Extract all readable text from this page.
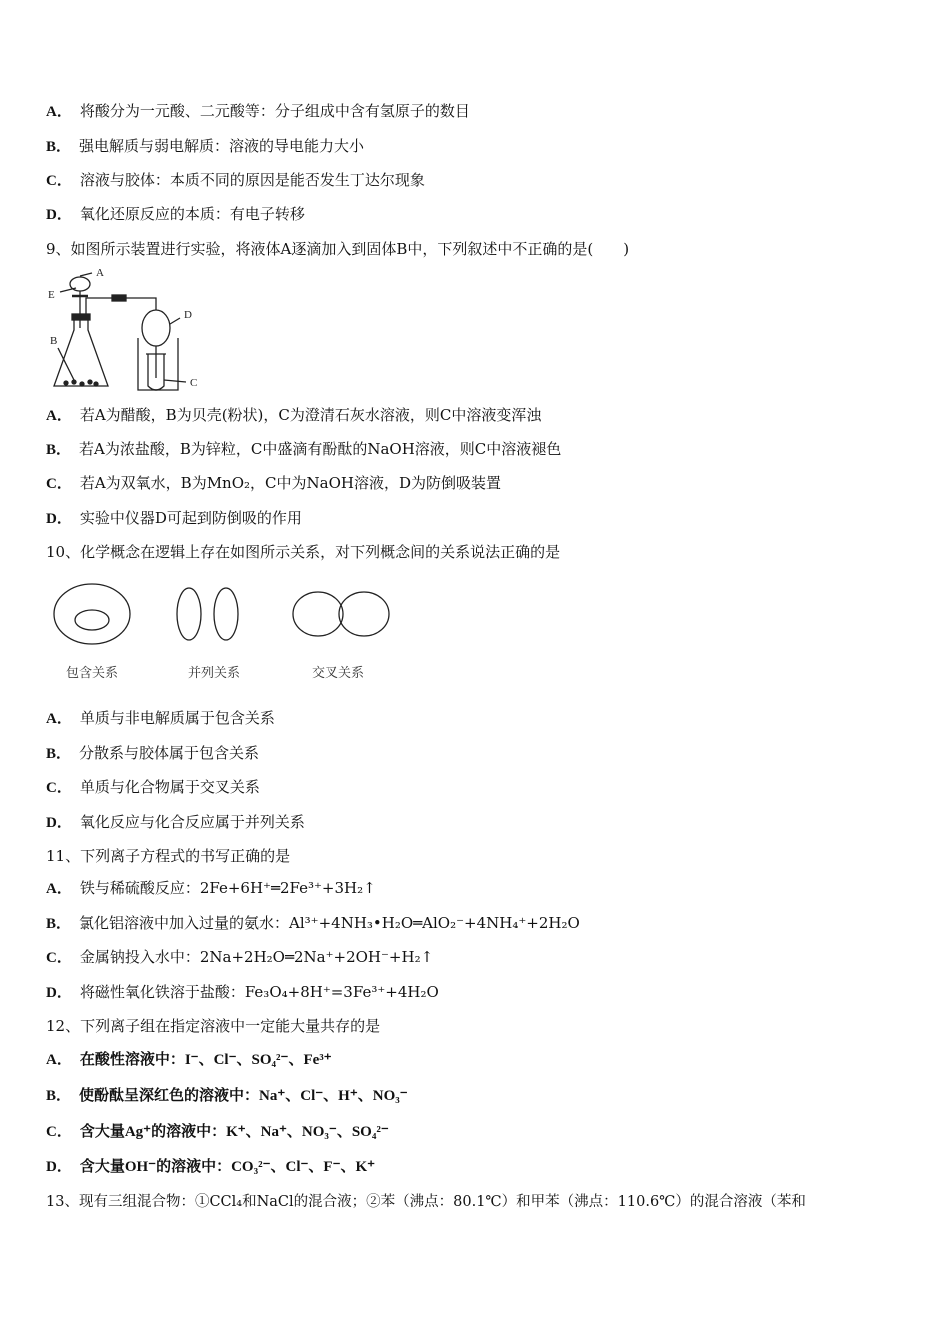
A． 将酸分为一元酸、二元酸等：分子组成中含有氢原子的数目
B． 强电解质与弱电解质：溶液的导电能力大小
C． 溶液与胶体：本质不同的原因是能否发生丁达尔现象
D． 氧化还原反应的本质：有电子转移
9、如图所示装置进行实验，将液体A逐滴加入到固体B中，下列叙述中不正确的是(　　)
A
B
C
D
E
A． 若A为醋酸，B为贝壳(粉状)，C为澄清石灰水溶液，则C中溶液变浑浊
B． 若A为浓盐酸，B为锌粒，C中盛滴有酚酞的NaOH溶液，则C中溶液褪色
C． 若A为双氧水，B为MnO₂，C中为NaOH溶液，D为防倒吸装置
D． 实验中仪器D可起到防倒吸的作用
10、化学概念在逻辑上存在如图所示关系，对下列概念间的关系说法正确的是
包含关系	并列关系	交叉关系
A． 单质与非电解质属于包含关系
B． 分散系与胶体属于包含关系
C． 单质与化合物属于交叉关系
D． 氧化反应与化合反应属于并列关系
11、下列离子方程式的书写正确的是
A． 铁与稀硫酸反应：2Fe+6H⁺═2Fe³⁺+3H₂↑
B． 氯化铝溶液中加入过量的氨水：Al³⁺+4NH₃•H₂O═AlO₂⁻+4NH₄⁺+2H₂O
C． 金属钠投入水中：2Na+2H₂O═2Na⁺+2OH⁻+H₂↑
D． 将磁性氧化铁溶于盐酸：Fe₃O₄+8H⁺=3Fe³⁺+4H₂O
12、下列离子组在指定溶液中一定能大量共存的是
A． 在酸性溶液中：I⁻、Cl⁻、SO₄²⁻、Fe³⁺
B． 使酚酞呈深红色的溶液中：Na⁺、Cl⁻、H⁺、NO₃⁻
C． 含大量Ag⁺的溶液中：K⁺、Na⁺、NO₃⁻、SO₄²⁻
D． 含大量OH⁻的溶液中：CO₃²⁻、Cl⁻、F⁻、K⁺
13、现有三组混合物：①CCl₄和NaCl的混合液；②苯（沸点：80.1℃）和甲苯（沸点：110.6℃）的混合溶液（苯和
